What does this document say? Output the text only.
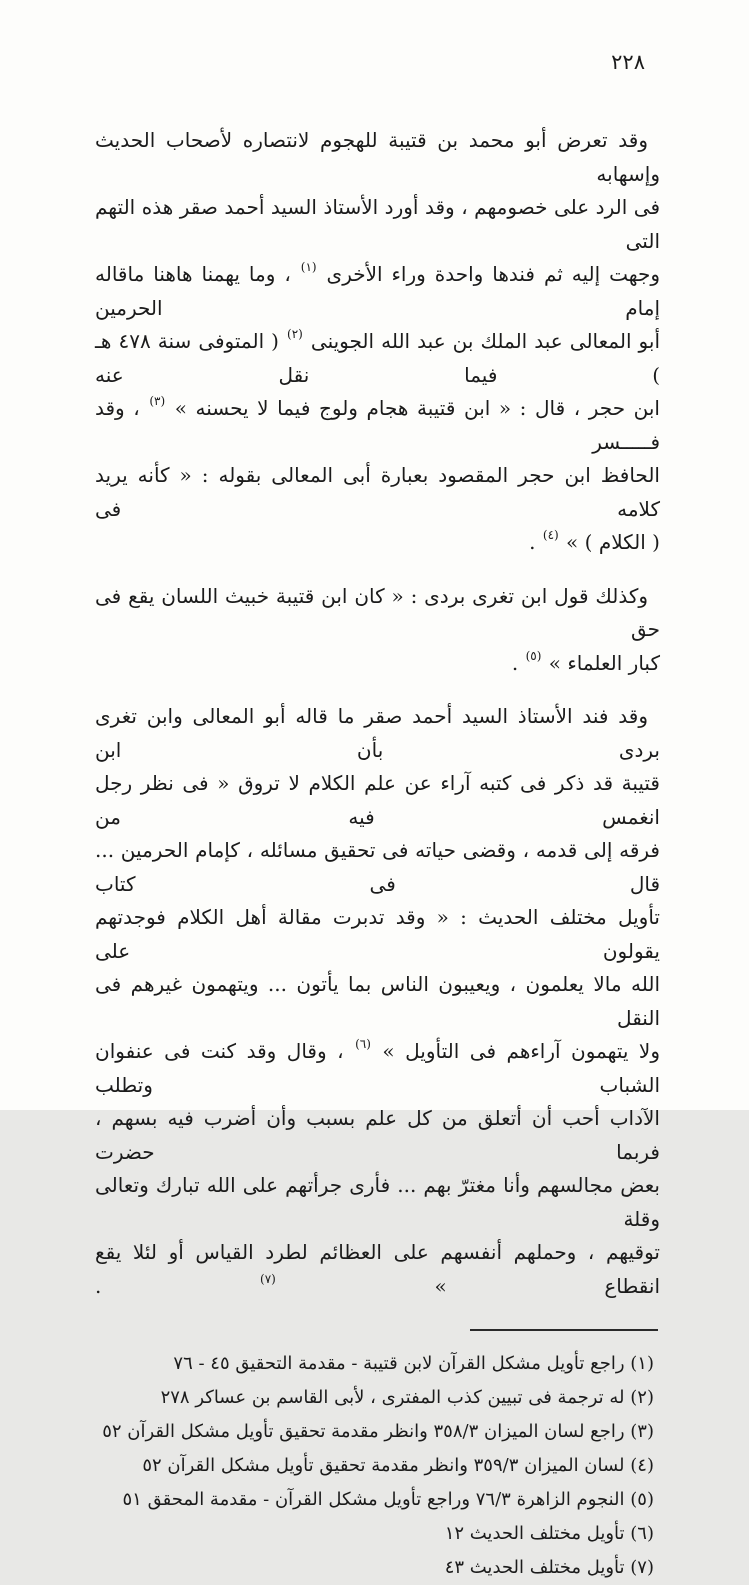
٢٢٨
وقد تعرض أبو محمد بن قتيبة للهجوم لانتصاره لأصحاب الحديث وإسهابه
فى الرد على خصومهم ، وقد أورد الأستاذ السيد أحمد صقر هذه التهم التى
وجهت إليه ثم فندها واحدة وراء الأخرى $^{(١)}$ ، وما يهمنا هاهنا ماقاله إمام الحرمين
أبو المعالى عبد الملك بن عبد الله الجوينى $^{(٢)}$ ( المتوفى سنة ٤٧٨ هـ ) فيما نقل عنه
ابن حجر ، قال : « ابن قتيبة هجام ولوج فيما لا يحسنه » $^{(٣)}$ ، وقد فـــــسر
الحافظ ابن حجر المقصود بعبارة أبى المعالى بقوله : « كأنه يريد كلامه فى
( الكلام ) » $^{(٤)}$ .
وكذلك قول ابن تغرى بردى : « كان ابن قتيبة خبيث اللسان يقع فى حق
كبار العلماء » $^{(٥)}$ .
وقد فند الأستاذ السيد أحمد صقر ما قاله أبو المعالى وابن تغرى بردى بأن ابن
قتيبة قد ذكر فى كتبه آراء عن علم الكلام لا تروق « فى نظر رجل انغمس فيه من
فرقه إلى قدمه ، وقضى حياته فى تحقيق مسائله ، كإمام الحرمين ... قال فى كتاب
تأويل مختلف الحديث : « وقد تدبرت مقالة أهل الكلام فوجدتهم يقولون على
الله مالا يعلمون ، ويعيبون الناس بما يأتون ... ويتهمون غيرهم فى النقل
ولا يتهمون آراءهم فى التأويل » $^{(٦)}$ ، وقال وقد كنت فى عنفوان الشباب وتطلب
الآداب أحب أن أتعلق من كل علم بسبب وأن أضرب فيه بسهم ، فربما حضرت
بعض مجالسهم وأنا مغترّ بهم ... فأرى جرأتهم على الله تبارك وتعالى وقلة
توقيهم ، وحملهم أنفسهم على العظائم لطرد القياس أو لئلا يقع انقطاع » $^{(٧)}$ .
(١) راجع تأويل مشكل القرآن لابن قتيبة - مقدمة التحقيق ٤٥ - ٧٦
(٢) له ترجمة فى تبيين كذب المفترى ، لأبى القاسم بن عساكر ٢٧٨
(٣) راجع لسان الميزان ٣٥٨/٣ وانظر مقدمة تحقيق تأويل مشكل القرآن ٥٢
(٤) لسان الميزان ٣٥٩/٣ وانظر مقدمة تحقيق تأويل مشكل القرآن ٥٢
(٥) النجوم الزاهرة ٧٦/٣ وراجع تأويل مشكل القرآن - مقدمة المحقق ٥١
(٦) تأويل مختلف الحديث ١٢
(٧) تأويل مختلف الحديث ٤٣
